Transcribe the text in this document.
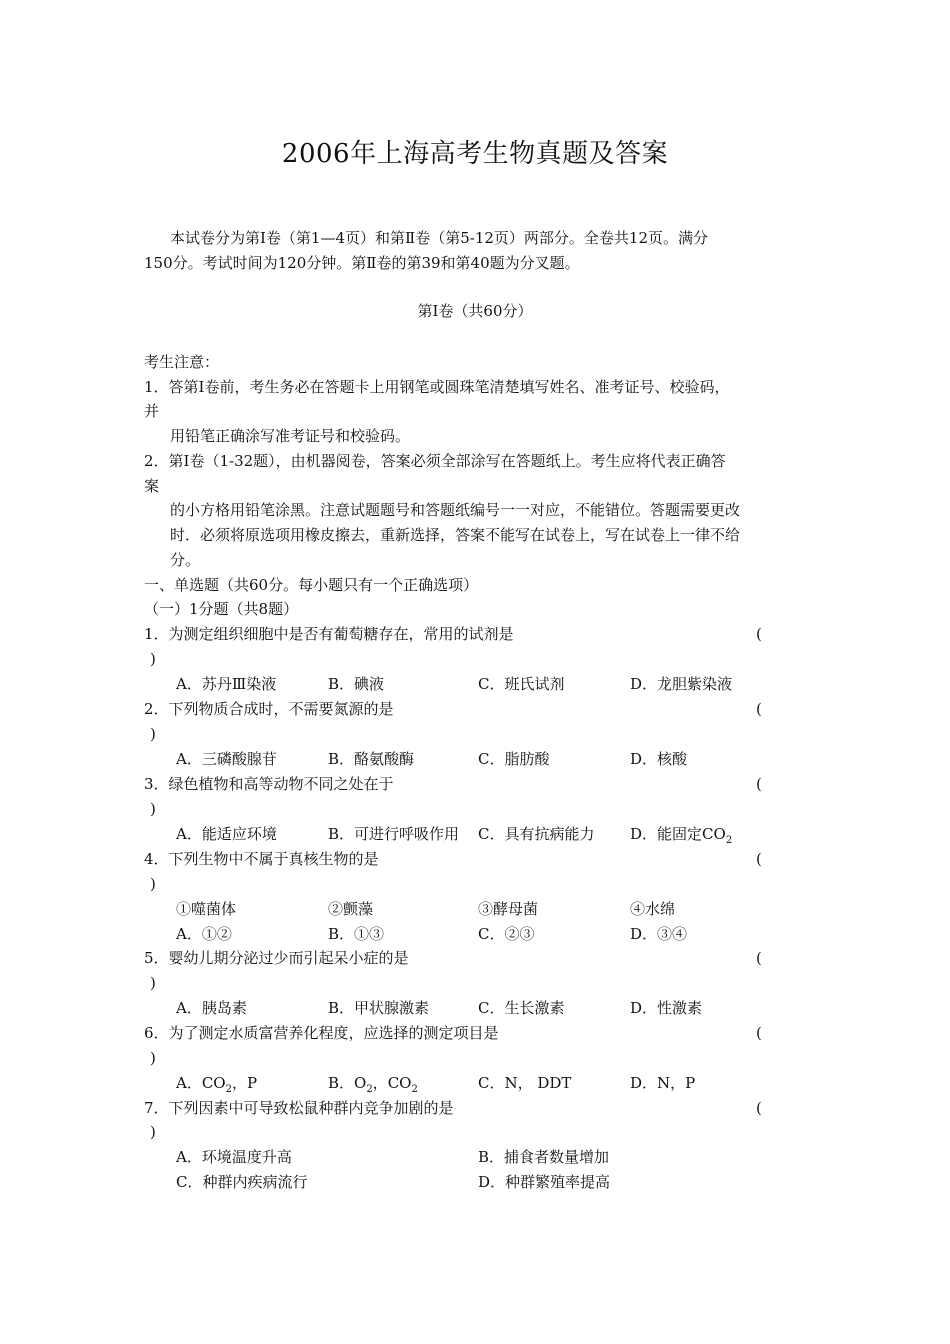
2006年上海高考生物真题及答案
本试卷分为第Ⅰ卷（第1—4页）和第Ⅱ卷（第5-12页）两部分。全卷共12页。满分
150分。考试时间为120分钟。第Ⅱ卷的第39和第40题为分叉题。
第Ⅰ卷（共60分）
考生注意：
1．答第Ⅰ卷前，考生务必在答题卡上用钢笔或圆珠笔清楚填写姓名、准考证号、校验码，
并
用铅笔正确涂写准考证号和校验码。
2．第Ⅰ卷（1-32题），由机器阅卷，答案必须全部涂写在答题纸上。考生应将代表正确答
案
的小方格用铅笔涂黑。注意试题题号和答题纸编号一一对应，不能错位。答题需要更改
时．必须将原选项用橡皮擦去，重新选择，答案不能写在试卷上，写在试卷上一律不给
分。
一、单选题（共60分。每小题只有一个正确选项）
（一）1分题（共8题）
1．为测定组织细胞中是否有葡萄糖存在，常用的试剂是	(
)
A．苏丹Ⅲ染液	B．碘液	C．班氏试剂	D．龙胆紫染液
2．下列物质合成时，不需要氮源的是	(
)
A．三磷酸腺苷	B．酪氨酸酶	C．脂肪酸	D．核酸
3．绿色植物和高等动物不同之处在于	(
)
A．能适应环境	B．可进行呼吸作用 C．具有抗病能力 D．能固定$CO_2$
4．下列生物中不属于真核生物的是	(
)
①噬菌体	②颤藻	③酵母菌	④水绵
A．①②	B．①③	C．②③	D．③④
5．婴幼儿期分泌过少而引起呆小症的是	(
)
A．胰岛素	B．甲状腺激素	C．生长激素	D．性激素
6．为了测定水质富营养化程度，应选择的测定项目是	(
)
A．$CO_2$，P	B．$O_2$，$CO_2$	C．N， DDT	D．N，P
7．下列因素中可导致松鼠种群内竞争加剧的是	(
)
A．环境温度升高	B．捕食者数量增加
C．种群内疾病流行	D．种群繁殖率提高
